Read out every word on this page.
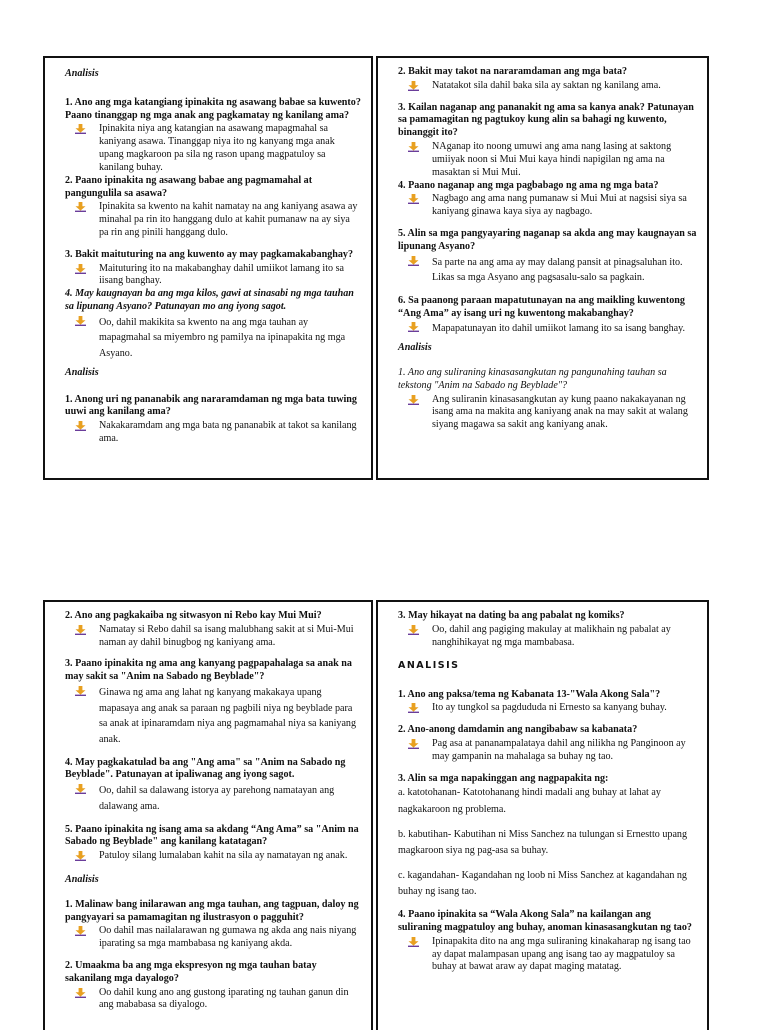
Analisis

1. Ano ang mga katangiang ipinakita ng asawang babae sa kuwento? Paano tinanggap ng mga anak ang pagkamatay ng kanilang ama?

Ipinakita niya ang katangian na asawang mapagmahal sa kaniyang asawa. Tinanggap niya ito ng kanyang mga anak upang magkaroon pa sila ng rason upang magpatuloy sa kanilang buhay.

2. Paano ipinakita ng asawang babae ang pagmamahal at pangungulila sa asawa?

Ipinakita sa kwento na kahit namatay na ang kaniyang asawa ay minahal pa rin ito hanggang dulo at kahit pumanaw na ay siya pa rin ang pinili hanggang dulo.

3. Bakit maituturing na ang kuwento ay may pagkamakabanghay?

Maituturing ito na makabanghay dahil umiikot lamang ito sa iisang banghay.

4. May kaugnayan ba ang mga kilos, gawi at sinasabi ng mga tauhan sa lipunang Asyano? Patunayan mo ang iyong sagot.

Oo, dahil makikita sa kwento na ang mga tauhan ay mapagmahal sa miyembro ng pamilya na ipinapakita ng mga Asyano.

Analisis

1. Anong uri ng pananabik ang nararamdaman ng mga bata tuwing uuwi ang kanilang ama?

Nakakaramdam ang mga bata ng pananabik at takot sa kanilang ama.

2. Bakit may takot na nararamdaman ang mga bata?

Natatakot sila dahil baka sila ay saktan ng kanilang ama.

3. Kailan naganap ang pananakit ng ama sa kanya anak? Patunayan sa pamamagitan ng pagtukoy kung alin sa bahagi ng kuwento, binanggit ito?

NAganap ito noong umuwi ang ama nang lasing at saktong umiiyak noon si Mui Mui kaya hindi napigilan ng ama na masaktan si Mui Mui.

4. Paano naganap ang mga pagbabago ng ama ng mga bata?

Nagbago ang ama nang pumanaw si Mui Mui at nagsisi siya sa kaniyang ginawa kaya siya ay nagbago.

5. Alin sa mga pangyayaring naganap sa akda ang may kaugnayan sa lipunang Asyano?

Sa parte na ang ama ay may dalang pansit at pinagsaluhan ito. Likas sa mga Asyano ang pagsasalu-salo sa pagkain.

6. Sa paanong paraan mapatutunayan na ang maikling kuwentong “Ang Ama” ay isang uri ng kuwentong makabanghay?

Mapapatunayan ito dahil umiikot lamang ito sa isang banghay.

Analisis

1. Ano ang suliraning kinasasangkutan ng pangunahing tauhan sa tekstong "Anim na Sabado ng Beyblade"?

Ang suliranin kinasasangkutan ay kung paano nakakayanan ng isang ama na makita ang kaniyang anak na may sakit at walang siyang magawa sa sakit ang kaniyang anak.

2. Ano ang pagkakaiba ng sitwasyon ni Rebo kay Mui Mui?

Namatay si Rebo dahil sa isang malubhang sakit at si Mui-Mui naman ay dahil binugbog ng kaniyang ama.

3. Paano ipinakita ng ama ang kanyang pagpapahalaga sa anak na may sakit sa "Anim na Sabado ng Beyblade"?

Ginawa ng ama ang lahat ng kanyang makakaya upang mapasaya ang anak sa paraan ng pagbili niya ng beyblade para sa anak at ipinaramdam niya ang pagmamahal niya sa kaniyang anak.

4. May pagkakatulad ba ang "Ang ama" sa "Anim na Sabado ng Beyblade". Patunayan at ipaliwanag ang iyong sagot.

Oo, dahil sa dalawang istorya ay parehong namatayan ang dalawang ama.

5. Paano ipinakita ng isang ama sa akdang “Ang Ama” sa "Anim na Sabado ng Beyblade" ang kanilang katatagan?

Patuloy silang lumalaban kahit na sila ay namatayan ng anak.

Analisis

1. Malinaw bang inilarawan ang mga tauhan, ang tagpuan, daloy ng pangyayari sa pamamagitan ng ilustrasyon o pagguhit?

Oo dahil mas nailalarawan ng gumawa ng akda ang nais niyang iparating sa mga mambabasa ng kaniyang akda.

2. Umaakma ba ang mga ekspresyon ng mga tauhan batay sakanilang mga dayalogo?

Oo dahil kung ano ang gustong iparating ng tauhan ganun din ang mababasa sa diyalogo.

3. May hikayat na dating ba ang pabalat ng komiks?

Oo, dahil ang pagiging makulay at malikhain ng pabalat ay nanghihikayat ng mga mambabasa.

ANALISIS

1. Ano ang paksa/tema ng Kabanata 13-"Wala Akong Sala"?

Ito ay tungkol sa pagdududa ni Ernesto sa kanyang buhay.

2. Ano-anong damdamin ang nangibabaw sa kabanata?

Pag asa at pananampalataya dahil ang nilikha ng Panginoon ay may gampanin na mahalaga sa buhay ng tao.

3. Alin sa mga napakinggan ang nagpapakita ng:

a. katotohanan- Katotohanang hindi madali ang buhay at lahat ay nagkakaroon ng problema.

b. kabutihan- Kabutihan ni Miss Sanchez na tulungan si Ernestto upang magkaroon siya ng pag-asa sa buhay.

c. kagandahan- Kagandahan ng loob ni Miss Sanchez at kagandahan ng buhay ng isang tao.

4. Paano ipinakita sa “Wala Akong Sala” na kailangan ang suliraning magpatuloy ang buhay, anoman kinasasangkutan ng tao?

Ipinapakita dito na ang mga suliraning kinakaharap ng isang tao ay dapat malampasan upang ang isang tao ay magpatuloy sa buhay at bawat araw ay dapat maging matatag.
